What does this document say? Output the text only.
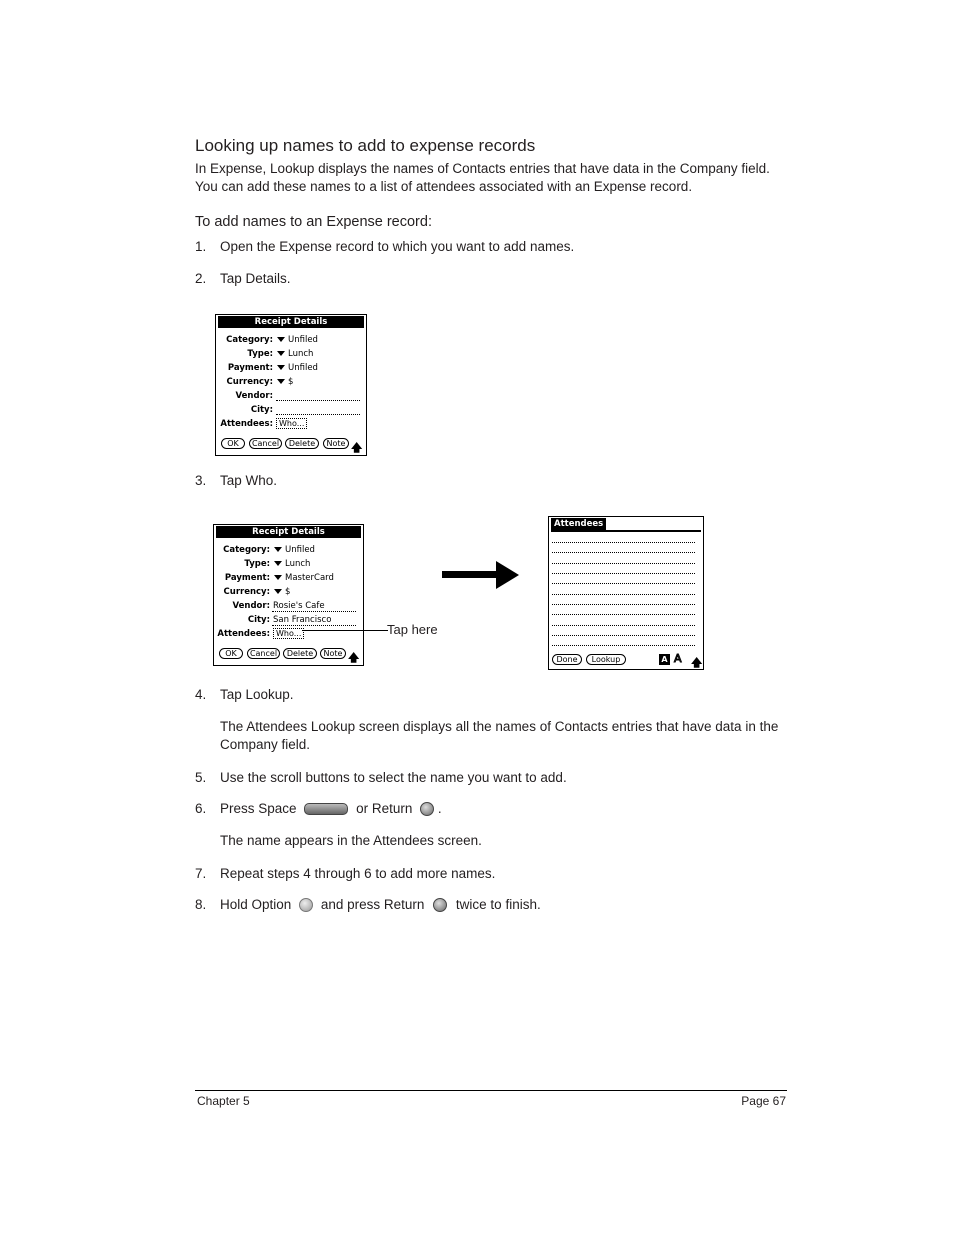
Looking up names to add to expense records
In Expense, Lookup displays the names of Contacts entries that have data in the Company field. You can add these names to a list of attendees associated with an Expense record.
To add names to an Expense record:
1.	Open the Expense record to which you want to add names.
2.	Tap Details.
Receipt Details
Category:	Unfiled
Type:	Lunch
Payment:	Unfiled
Currency:	$
Vendor:
City:
Attendees: Who...
OK	Cancel	Delete	Note 🡅
3.	Tap Who.
Receipt Details
Category:	Unfiled
Type:	Lunch
Payment:	MasterCard
Currency:	$
Vendor: Rosie's Cafe
City: San Francisco
Attendees: Who...
OK	Cancel	Delete	Note 🡅
Tap here
Attendees
Done	Lookup	A A 🡅
4.	Tap Lookup.
The Attendees Lookup screen displays all the names of Contacts entries that have data in the Company field.
5.	Use the scroll buttons to select the name you want to add.
6.	Press Space	or Return .
The name appears in the Attendees screen.
7.	Repeat steps 4 through 6 to add more names.
8.	Hold Option and press Return twice to finish.
Chapter 5	Page 67
